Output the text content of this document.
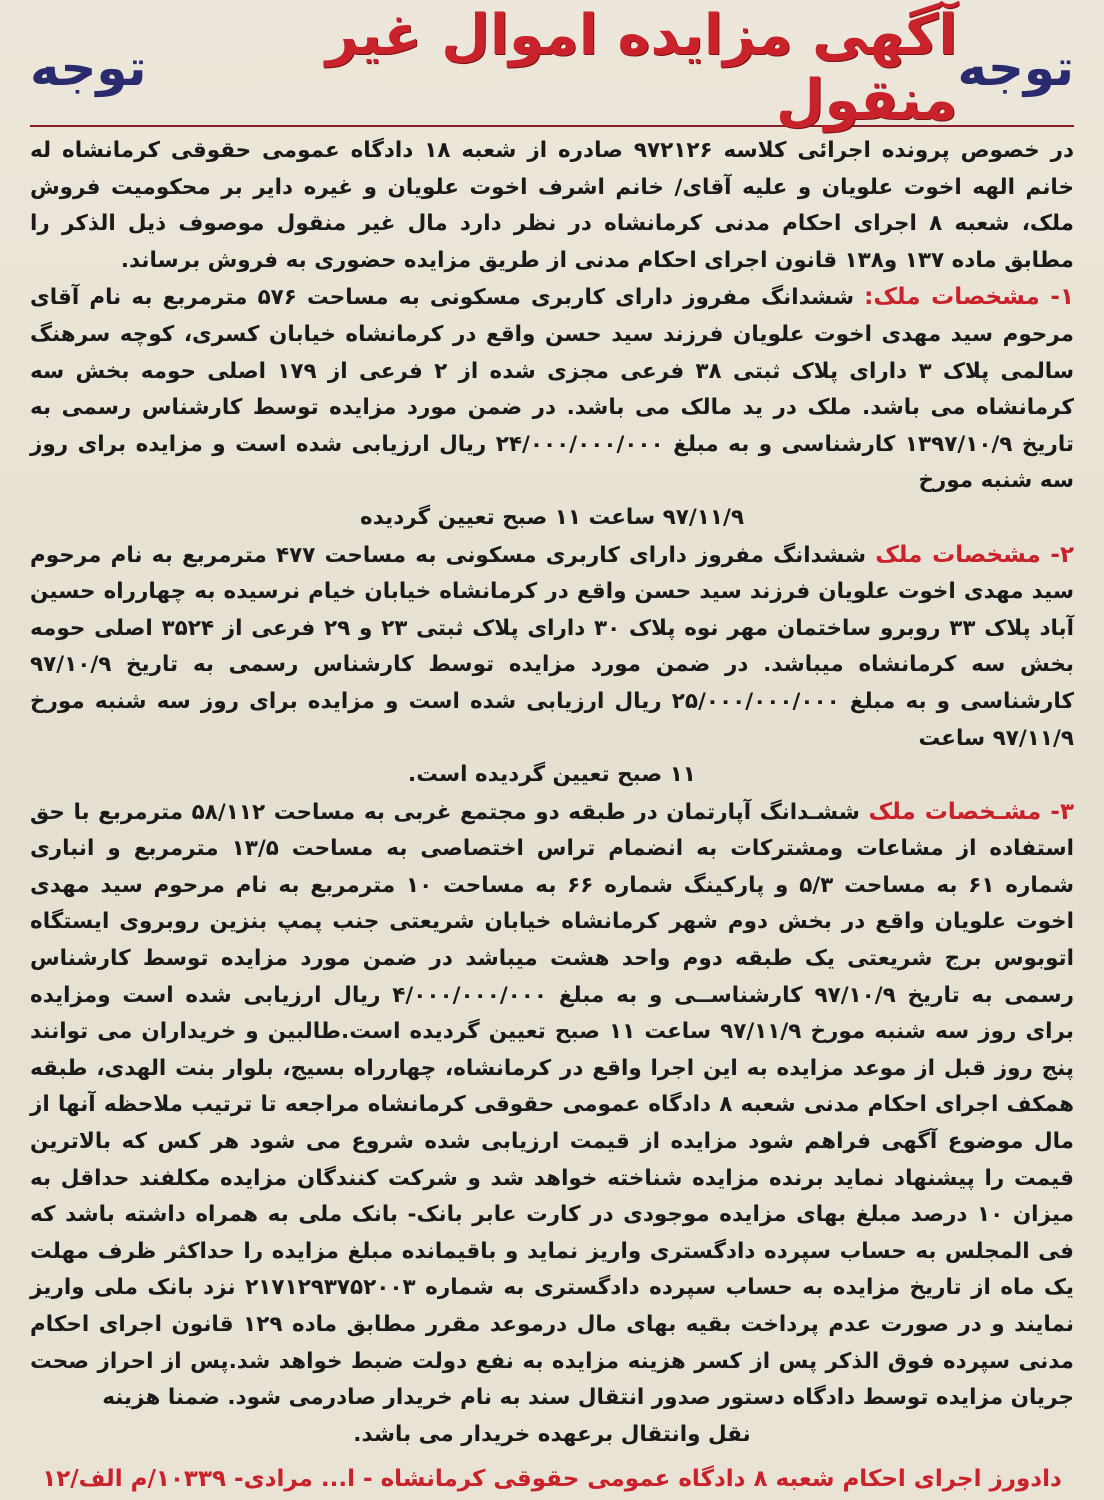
توجه
آگهی مزایده اموال غیر منقول
توجه

در خصوص پرونده اجرائی کلاسه ۹۷۲۱۲۶ صادره از شعبه ۱۸ دادگاه عمومی حقوقی کرمانشاه له خانم الهه اخوت علویان و علیه آقای/ خانم اشرف اخوت علویان و غیره دایر بر محکومیت فروش ملک، شعبه ۸ اجرای احکام مدنی کرمانشاه در نظر دارد مال غیر منقول موصوف ذیل الذکر را مطابق ماده ۱۳۷ و۱۳۸ قانون اجرای احکام مدنی از طریق مزایده حضوری به فروش برساند.

۱- مشخصات ملک: ششدانگ مفروز دارای کاربری مسکونی به مساحت ۵۷۶ مترمربع به نام آقای مرحوم سید مهدی اخوت علویان فرزند سید حسن واقع در کرمانشاه خیابان کسری، کوچه سرهنگ سالمی پلاک ۳ دارای پلاک ثبتی ۳۸ فرعی مجزی شده از ۲ فرعی از ۱۷۹ اصلی حومه بخش سه کرمانشاه می باشد. ملک در ید مالک می باشد. در ضمن مورد مزایده توسط کارشناس رسمی به تاریخ ۱۳۹۷/۱۰/۹ کارشناسی و به مبلغ ۲۴/۰۰۰/۰۰۰/۰۰۰ ریال ارزیابی شده است و مزایده برای روز سه شنبه مورخ

۹۷/۱۱/۹ ساعت ۱۱ صبح تعیین گردیده

۲- مشخصات ملک ششدانگ مفروز دارای کاربری مسکونی به مساحت ۴۷۷ مترمربع به نام مرحوم سید مهدی اخوت علویان فرزند سید حسن واقع در کرمانشاه خیابان خیام نرسیده به چهارراه حسین آباد پلاک ۳۳ روبرو ساختمان مهر نوه پلاک ۳۰ دارای پلاک ثبتی ۲۳ و ۲۹ فرعی از ۳۵۲۴ اصلی حومه بخش سه کرمانشاه میباشد. در ضمن مورد مزایده توسط کارشناس رسمی به تاریخ ۹۷/۱۰/۹ کارشناسی و به مبلغ ۲۵/۰۰۰/۰۰۰/۰۰۰ ریال ارزیابی شده است و مزایده برای روز سه شنبه مورخ ۹۷/۱۱/۹ ساعت

۱۱ صبح تعیین گردیده است.

۳- مشـخصات ملک ششـدانگ آپارتمان در طبقه دو مجتمع غربی به مساحت ۵۸/۱۱۲ مترمربع با حق استفاده از مشاعات ومشترکات به انضمام تراس اختصاصی به مساحت ۱۳/۵ مترمربع و انباری شماره ۶۱ به مساحت ۵/۳ و پارکینگ شماره ۶۶ به مساحت ۱۰ مترمربع به نام مرحوم سید مهدی اخوت علویان واقع در بخش دوم شهر کرمانشاه خیابان شریعتی جنب پمپ بنزین روبروی ایستگاه اتوبوس برج شریعتی یک طبقه دوم واحد هشت میباشد در ضمن مورد مزایده توسط کارشناس رسمی به تاریخ ۹۷/۱۰/۹ کارشناســی و به مبلغ ۴/۰۰۰/۰۰۰/۰۰۰ ریال ارزیابی شده است ومزایده برای روز سه شنبه مورخ ۹۷/۱۱/۹ ساعت ۱۱ صبح تعیین گردیده است.طالبین و خریداران می توانند پنج روز قبل از موعد مزایده به این اجرا واقع در کرمانشاه، چهارراه بسیج، بلوار بنت الهدی، طبقه همکف اجرای احکام مدنی شعبه ۸ دادگاه عمومی حقوقی کرمانشاه مراجعه تا ترتیب ملاحظه آنها از مال موضوع آگهی فراهم شود مزایده از قیمت ارزیابی شده شروع می شود هر کس که بالاترین قیمت را پیشنهاد نماید برنده مزایده شناخته خواهد شد و شرکت کنندگان مزایده مکلفند حداقل به میزان ۱۰ درصد مبلغ بهای مزایده موجودی در کارت عابر بانک- بانک ملی به همراه داشته باشد که فی المجلس به حساب سپرده دادگستری واریز نماید و باقیمانده مبلغ مزایده را حداکثر ظرف مهلت یک ماه از تاریخ مزایده به حساب سپرده دادگستری به شماره ۲۱۷۱۲۹۳۷۵۲۰۰۳ نزد بانک ملی واریز نمایند و در صورت عدم پرداخت بقیه بهای مال درموعد مقرر مطابق ماده ۱۲۹ قانون اجرای احکام مدنی سپرده فوق الذکر پس از کسر هزینه مزایده به نفع دولت ضبط خواهد شد.پس از احراز صحت جریان مزایده توسط دادگاه دستور صدور انتقال سند به نام خریدار صادرمی شود. ضمنا هزینه

نقل وانتقال برعهده خریدار می باشد.

دادورز اجرای احکام شعبه ۸ دادگاه عمومی حقوقی کرمانشاه - ا... مرادی- ۱۰۳۳۹/م الف/۱۲
